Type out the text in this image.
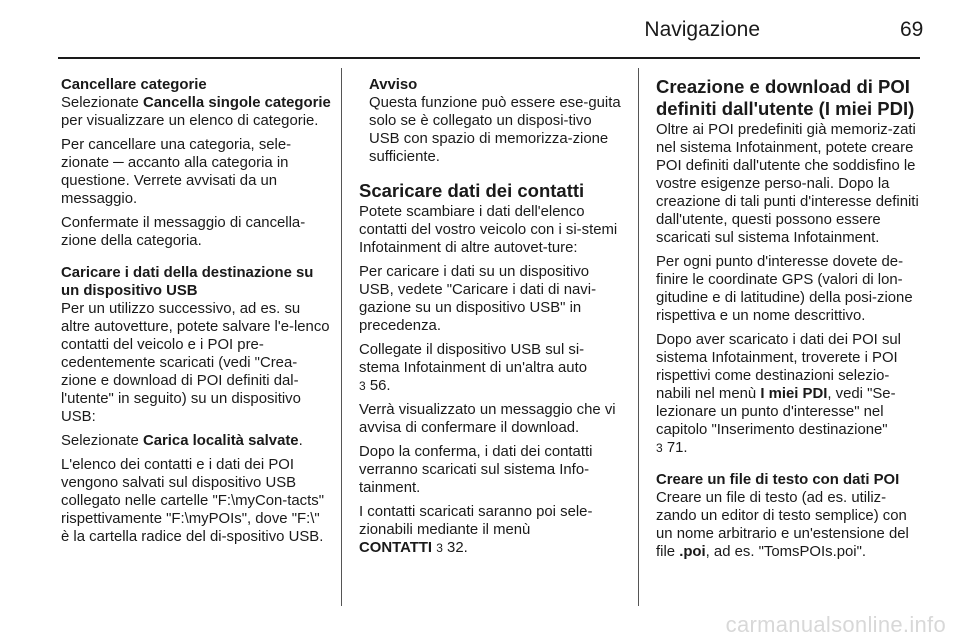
Navigazione	69
Cancellare categorie

Selezionate Cancella singole categorie per visualizzare un elenco di categorie.

Per cancellare una categoria, sele-zionate ─ accanto alla categoria in questione. Verrete avvisati da un messaggio.

Confermate il messaggio di cancella-zione della categoria.

Caricare i dati della destinazione su un dispositivo USB

Per un utilizzo successivo, ad es. su altre autovetture, potete salvare l'e-lenco contatti del veicolo e i POI pre-cedentemente scaricati (vedi "Crea-zione e download di POI definiti dal-l'utente" in seguito) su un dispositivo USB:

Selezionate Carica località salvate.

L'elenco dei contatti e i dati dei POI vengono salvati sul dispositivo USB collegato nelle cartelle "F:\myCon-tacts" rispettivamente "F:\myPOIs", dove "F:\" è la cartella radice del di-spositivo USB.

Avviso

Questa funzione può essere ese-guita solo se è collegato un disposi-tivo USB con spazio di memorizza-zione sufficiente.

Scaricare dati dei contatti

Potete scambiare i dati dell'elenco contatti del vostro veicolo con i si-stemi Infotainment di altre autovet-ture:

Per caricare i dati su un dispositivo USB, vedete "Caricare i dati di navi-gazione su un dispositivo USB" in precedenza.

Collegate il dispositivo USB sul si-stema Infotainment di un'altra auto
3 56.

Verrà visualizzato un messaggio che vi avvisa di confermare il download.

Dopo la conferma, i dati dei contatti verranno scaricati sul sistema Info-tainment.

I contatti scaricati saranno poi sele-zionabili mediante il menù
CONTATTI 3 32.

Creazione e download di POI definiti dall'utente (I miei PDI)

Oltre ai POI predefiniti già memoriz-zati nel sistema Infotainment, potete creare POI definiti dall'utente che soddisfino le vostre esigenze perso-nali. Dopo la creazione di tali punti d'interesse definiti dall'utente, questi possono essere scaricati sul sistema Infotainment.

Per ogni punto d'interesse dovete de-finire le coordinate GPS (valori di lon-gitudine e di latitudine) della posi-zione rispettiva e un nome descrittivo.

Dopo aver scaricato i dati dei POI sul sistema Infotainment, troverete i POI rispettivi come destinazioni selezio-nabili nel menù I miei PDI, vedi "Se-lezionare un punto d'interesse" nel capitolo "Inserimento destinazione"
3 71.

Creare un file di testo con dati POI

Creare un file di testo (ad es. utiliz-zando un editor di testo semplice) con un nome arbitrario e un'estensione del file .poi, ad es. "TomsPOIs.poi".

carmanualsonline.info
